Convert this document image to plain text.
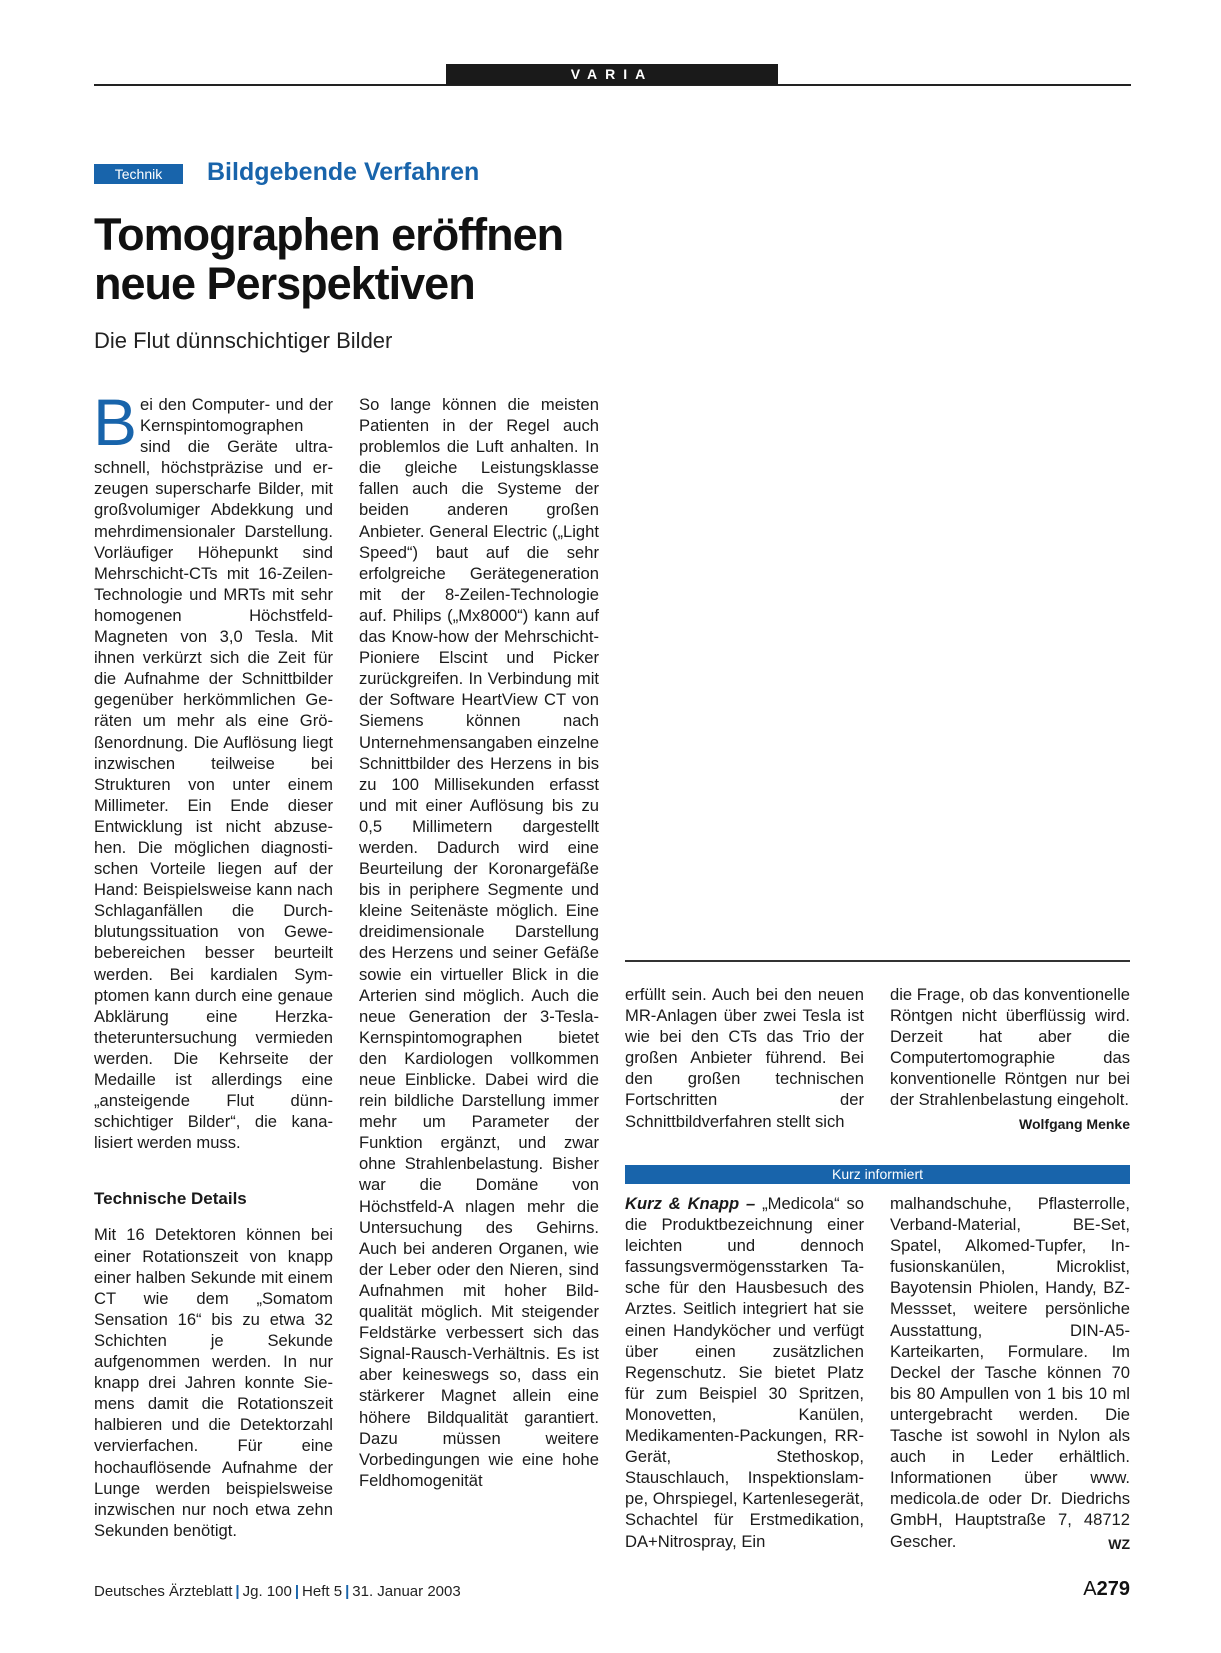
VARIA
Technik	Bildgebende Verfahren
Tomographen eröffnen
neue Perspektiven
Die Flut dünnschichtiger Bilder

Bei den Computer- und der Kernspintomographen sind die Geräte ultraschnell, höchstpräzise und erzeugen superscharfe Bilder, mit großvolumiger Abdekkung und mehrdimensionaler Darstellung. Vorläufiger Höhepunkt sind Mehrschicht-CTs mit 16-Zeilen-Technologie und MRTs mit sehr homogenen Höchstfeld-Magneten von 3,0 Tesla. Mit ihnen verkürzt sich die Zeit für die Aufnahme der Schnittbilder gegenüber herkömmlichen Geräten um mehr als eine Größenordnung. Die Auflösung liegt inzwischen teilweise bei Strukturen von unter einem Millimeter. Ein Ende dieser Entwicklung ist nicht abzusehen. Die möglichen diagnostischen Vorteile liegen auf der Hand: Beispielsweise kann nach Schlaganfällen die Durchblutungssituation von Gewebebereichen besser beurteilt werden. Bei kardialen Symptomen kann durch eine genaue Abklärung eine Herzkatheteruntersuchung vermieden werden. Die Kehrseite der Medaille ist allerdings eine „ansteigende Flut dünnschichtiger Bilder“, die kanalisiert werden muss.

Technische Details

Mit 16 Detektoren können bei einer Rotationszeit von knapp einer halben Sekunde mit einem CT wie dem „Somatom Sensation 16“ bis zu etwa 32 Schichten je Sekunde aufgenommen werden. In nur knapp drei Jahren konnte Siemens damit die Rotationszeit halbieren und die Detektorzahl vervierfachen. Für eine hochauflösende Aufnahme der Lunge werden beispielsweise inzwischen nur noch etwa zehn Sekunden benötigt.

So lange können die meisten Patienten in der Regel auch problemlos die Luft anhalten. In die gleiche Leistungsklasse fallen auch die Systeme der beiden anderen großen Anbieter. General Electric („Light Speed“) baut auf die sehr erfolgreiche Gerätegeneration mit der 8-Zeilen-Technologie auf. Philips („Mx8000“) kann auf das Know-how der Mehrschicht-Pioniere Elscint und Picker zurückgreifen. In Verbindung mit der Software HeartView CT von Siemens können nach Unternehmensangaben einzelne Schnittbilder des Herzens in bis zu 100 Millisekunden erfasst und mit einer Auflösung bis zu 0,5 Millimetern dargestellt werden. Dadurch wird eine Beurteilung der Koronargefäße bis in periphere Segmente und kleine Seitenäste möglich. Eine dreidimensionale Darstellung des Herzens und seiner Gefäße sowie ein virtueller Blick in die Arterien sind möglich. Auch die neue Generation der 3-Tesla-Kernspintomographen bietet den Kardiologen vollkommen neue Einblicke. Dabei wird die rein bildliche Darstellung immer mehr um Parameter der Funktion ergänzt, und zwar ohne Strahlenbelastung. Bisher war die Domäne von Höchstfeld-A nlagen mehr die Untersuchung des Gehirns. Auch bei anderen Organen, wie der Leber oder den Nieren, sind Aufnahmen mit hoher Bildqualität möglich. Mit steigender Feldstärke verbessert sich das Signal-Rausch-Verhältnis. Es ist aber keineswegs so, dass ein stärkerer Magnet allein eine höhere Bildqualität garantiert. Dazu müssen weitere Vorbedingungen wie eine hohe Feldhomogenität

erfüllt sein. Auch bei den neuen MR-Anlagen über zwei Tesla ist wie bei den CTs das Trio der großen Anbieter führend. Bei den großen technischen Fortschritten der Schnittbildverfahren stellt sich

die Frage, ob das konventionelle Röntgen nicht überflüssig wird. Derzeit hat aber die Computertomographie das konventionelle Röntgen nur bei der Strahlenbelastung eingeholt.
Wolfgang Menke

Kurz informiert

Kurz & Knapp – „Medicola“ so die Produktbezeichnung einer leichten und dennoch fassungsvermögensstarken Tasche für den Hausbesuch des Arztes. Seitlich integriert hat sie einen Handyköcher und verfügt über einen zusätzlichen Regenschutz. Sie bietet Platz für zum Beispiel 30 Spritzen, Monovetten, Kanülen, Medikamenten-Packungen, RR-Gerät, Stethoskop, Stauschlauch, Inspektionslampe, Ohrspiegel, Kartenlesegerät, Schachtel für Erstmedikation, DA+Nitrospray, Ein

malhandschuhe, Pflasterrolle, Verband-Material, BE-Set, Spatel, Alkomed-Tupfer, Infusionskanülen, Microklist, Bayotensin Phiolen, Handy, BZ-Messset, weitere persönliche Ausstattung, DIN-A5-Karteikarten, Formulare. Im Deckel der Tasche können 70 bis 80 Ampullen von 1 bis 10 ml untergebracht werden. Die Tasche ist sowohl in Nylon als auch in Leder erhältlich. Informationen über www. medicola.de oder Dr. Diedrichs GmbH, Hauptstraße 7, 48712 Gescher.	WZ

Deutsches Ärzteblatt | Jg. 100 | Heft 5 | 31. Januar 2003	A279
